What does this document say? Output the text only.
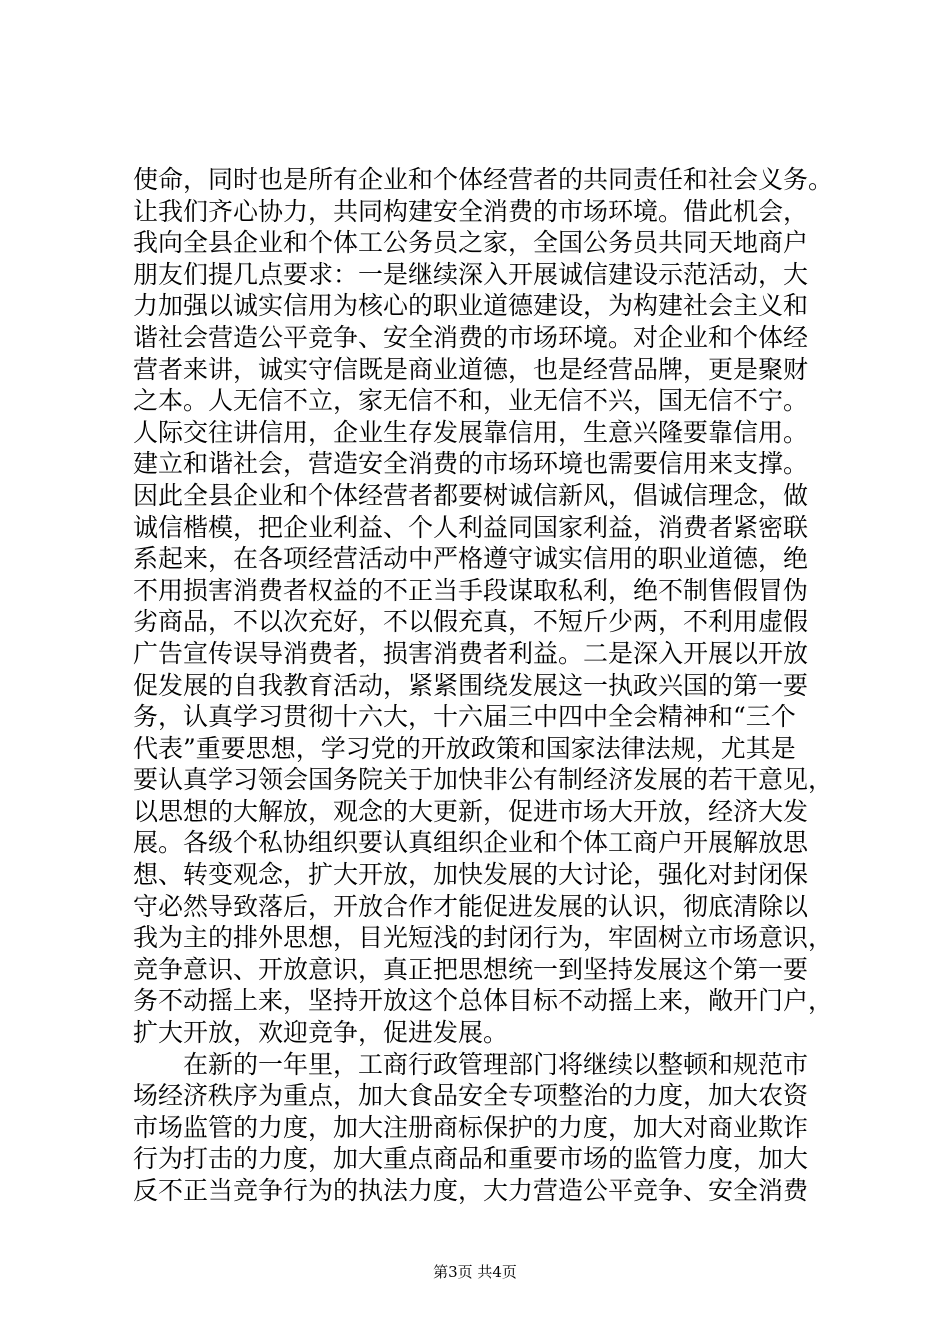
使命，同时也是所有企业和个体经营者的共同责任和社会义务。
让我们齐心协力，共同构建安全消费的市场环境。借此机会，
我向全县企业和个体工公务员之家，全国公务员共同天地商户
朋友们提几点要求：一是继续深入开展诚信建设示范活动，大
力加强以诚实信用为核心的职业道德建设，为构建社会主义和
谐社会营造公平竞争、安全消费的市场环境。对企业和个体经
营者来讲，诚实守信既是商业道德，也是经营品牌，更是聚财
之本。人无信不立，家无信不和，业无信不兴，国无信不宁。
人际交往讲信用，企业生存发展靠信用，生意兴隆要靠信用。
建立和谐社会，营造安全消费的市场环境也需要信用来支撑。
因此全县企业和个体经营者都要树诚信新风，倡诚信理念，做
诚信楷模，把企业利益、个人利益同国家利益，消费者紧密联
系起来，在各项经营活动中严格遵守诚实信用的职业道德，绝
不用损害消费者权益的不正当手段谋取私利，绝不制售假冒伪
劣商品，不以次充好，不以假充真，不短斤少两，不利用虚假
广告宣传误导消费者，损害消费者利益。二是深入开展以开放
促发展的自我教育活动，紧紧围绕发展这一执政兴国的第一要
务，认真学习贯彻十六大，十六届三中四中全会精神和“三个
代表”重要思想，学习党的开放政策和国家法律法规，尤其是
要认真学习领会国务院关于加快非公有制经济发展的若干意见，
以思想的大解放，观念的大更新，促进市场大开放，经济大发
展。各级个私协组织要认真组织企业和个体工商户开展解放思
想、转变观念，扩大开放，加快发展的大讨论，强化对封闭保
守必然导致落后，开放合作才能促进发展的认识，彻底清除以
我为主的排外思想，目光短浅的封闭行为，牢固树立市场意识，
竞争意识、开放意识，真正把思想统一到坚持发展这个第一要
务不动摇上来，坚持开放这个总体目标不动摇上来，敞开门户，
扩大开放，欢迎竞争，促进发展。
在新的一年里，工商行政管理部门将继续以整顿和规范市
场经济秩序为重点，加大食品安全专项整治的力度，加大农资
市场监管的力度，加大注册商标保护的力度，加大对商业欺诈
行为打击的力度，加大重点商品和重要市场的监管力度，加大
反不正当竞争行为的执法力度，大力营造公平竞争、安全消费
第3页 共4页
